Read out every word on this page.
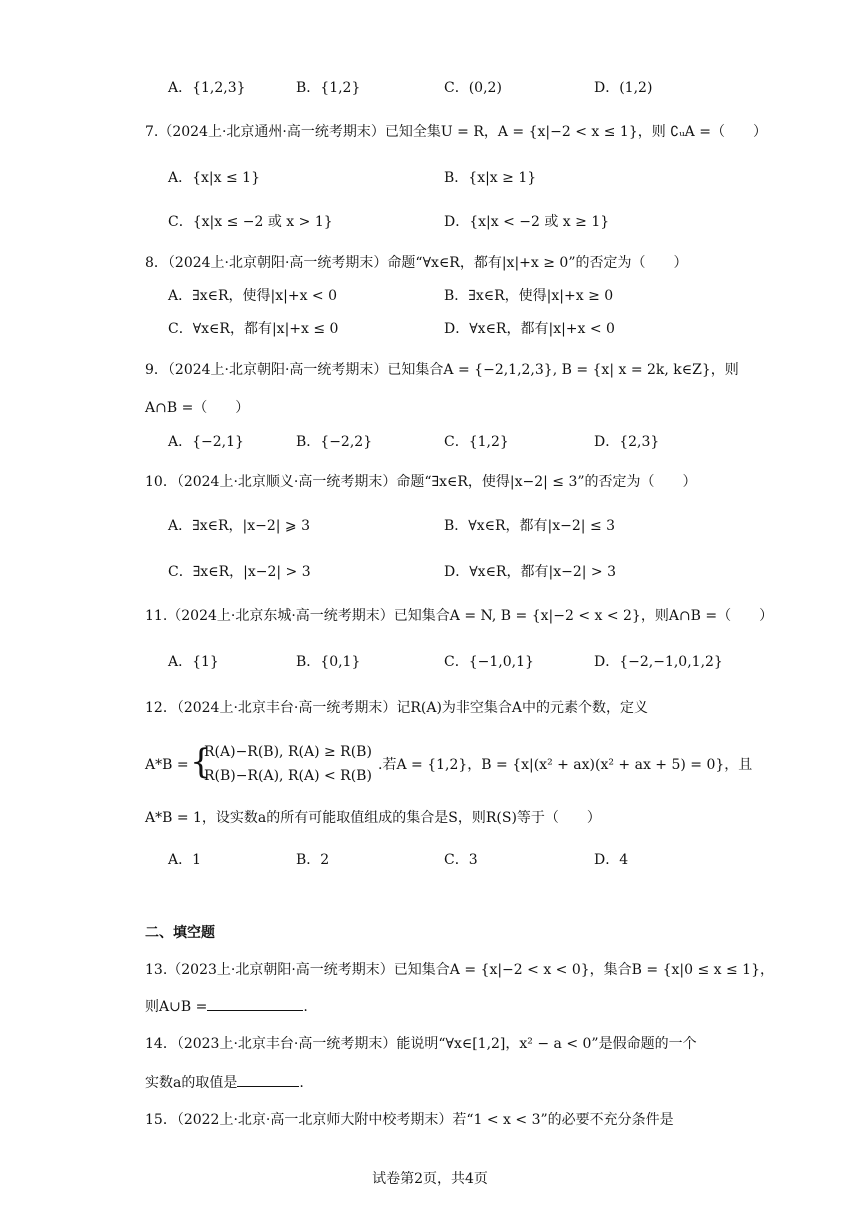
A．{1,2,3}	B．{1,2}	C．(0,2)	D．(1,2)
7.（2024上·北京通州·高一统考期末）已知全集U = R，A = {x|−2 < x ≤ 1}，则 ∁ᵤA =（　　）
A．{x|x ≤ 1}	B．{x|x ≥ 1}
C．{x|x ≤ −2 或 x > 1}	D．{x|x < −2 或 x ≥ 1}
8．（2024上·北京朝阳·高一统考期末）命题“∀x∈R，都有|x|+x ≥ 0”的否定为（　　）
A．∃x∈R，使得|x|+x < 0	B．∃x∈R，使得|x|+x ≥ 0
C．∀x∈R，都有|x|+x ≤ 0	D．∀x∈R，都有|x|+x < 0
9．（2024上·北京朝阳·高一统考期末）已知集合A = {−2,1,2,3}, B = {x| x = 2k, k∈Z}，则
A∩B =（　　）
A．{−2,1}	B．{−2,2}	C．{1,2}	D．{2,3}
10．（2024上·北京顺义·高一统考期末）命题“∃x∈R，使得|x−2| ≤ 3”的否定为（　　）
A．∃x∈R，|x−2| ⩾ 3	B．∀x∈R，都有|x−2| ≤ 3
C．∃x∈R，|x−2| > 3	D．∀x∈R，都有|x−2| > 3
11.（2024上·北京东城·高一统考期末）已知集合A = N, B = {x|−2 < x < 2}，则A∩B =（　　）
A．{1}	B．{0,1}	C．{−1,0,1}	D．{−2,−1,0,1,2}
12．（2024上·北京丰台·高一统考期末）记R(A)为非空集合A中的元素个数，定义
A*B = {
R(A)−R(B), R(A) ≥ R(B)
R(B)−R(A), R(A) < R(B)
.若A = {1,2}，B = {x|(x² + ax)(x² + ax + 5) = 0}，且
A*B = 1，设实数a的所有可能取值组成的集合是S，则R(S)等于（　　）
A．1	B．2	C．3	D．4
二、填空题
13.（2023上·北京朝阳·高一统考期末）已知集合A = {x|−2 < x < 0}，集合B = {x|0 ≤ x ≤ 1}，
则A∪B =	.
14．（2023上·北京丰台·高一统考期末）能说明“∀x∈[1,2]，x² − a < 0”是假命题的一个
实数a的取值是	.
15．（2022上·北京·高一北京师大附中校考期末）若“1 < x < 3”的必要不充分条件是
试卷第2页，共4页
